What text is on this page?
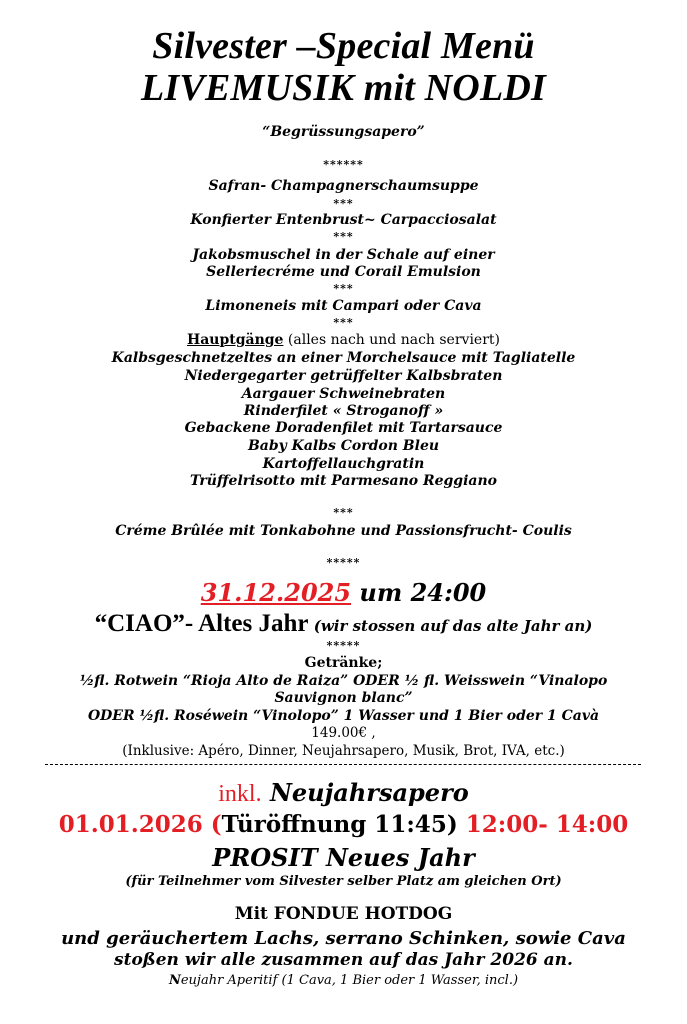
Silvester –Special Menü
LIVEMUSIK mit NOLDI
“Begrüssungsapero”
******
Safran- Champagnerschaumsuppe
***
Konfierter Entenbrust~ Carpacciosalat
***
Jakobsmuschel in der Schale auf einer
Selleriecréme und Corail Emulsion
***
Limoneneis mit Campari oder Cava
***
Hauptgänge (alles nach und nach serviert)
Kalbsgeschnetzeltes an einer Morchelsauce mit Tagliatelle
Niedergegarter getrüffelter Kalbsbraten
Aargauer Schweinebraten
Rinderfilet « Stroganoff »
Gebackene Doradenfilet mit Tartarsauce
Baby Kalbs Cordon Bleu
Kartoffellauchgratin
Trüffelrisotto mit Parmesano Reggiano
***
Créme Brûlée mit Tonkabohne und Passionsfrucht- Coulis
*****
31.12.2025 um 24:00
“CIAO”- Altes Jahr (wir stossen auf das alte Jahr an)
*****
Getränke;
½fl. Rotwein “Rioja Alto de Raiza” ODER ½ fl. Weisswein “Vinalopo
Sauvignon blanc”
ODER ½fl. Roséwein “Vinolopo” 1 Wasser und 1 Bier oder 1 Cavà
149.00€ ,
(Inklusive: Apéro, Dinner, Neujahrsapero, Musik, Brot, IVA, etc.)
inkl. Neujahrsapero
01.01.2026 (Türöffnung 11:45) 12:00- 14:00
PROSIT Neues Jahr
(für Teilnehmer vom Silvester selber Platz am gleichen Ort)
Mit FONDUE HOTDOG
und geräuchertem Lachs, serrano Schinken, sowie Cava
stoßen wir alle zusammen auf das Jahr 2026 an.
Neujahr Aperitif (1 Cava, 1 Bier oder 1 Wasser, incl.)
